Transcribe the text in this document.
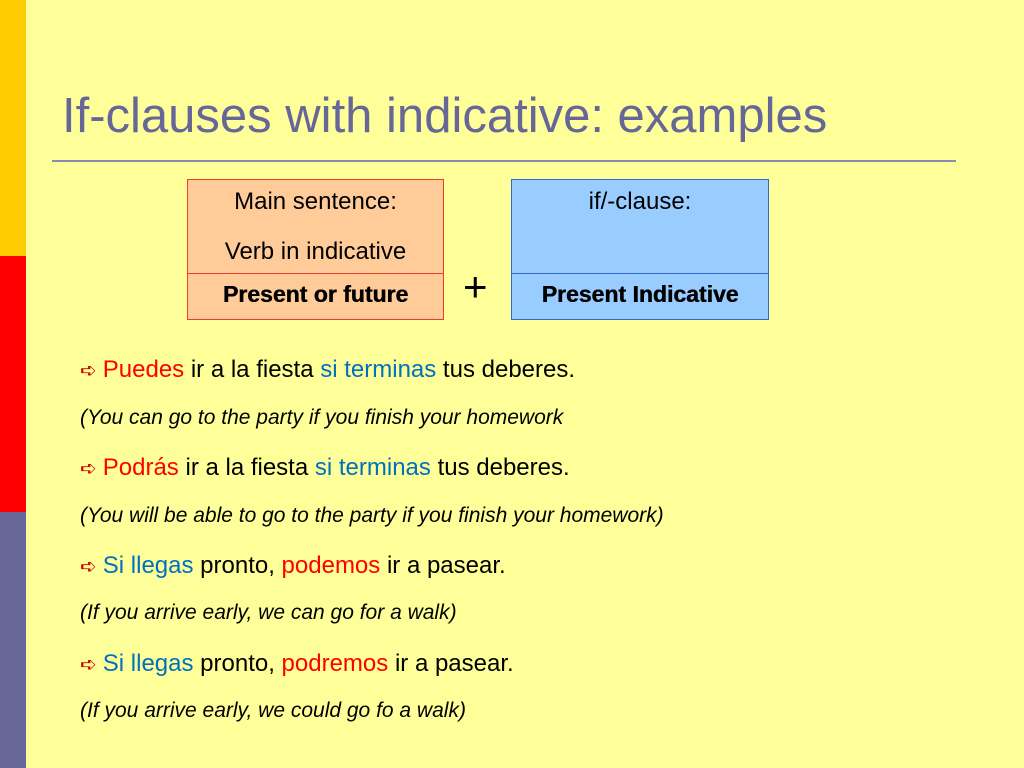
If-clauses with indicative: examples
Main sentence:
Verb in indicative
Present or future	+
if/-clause:
Present Indicative
➪ Puedes ir a la fiesta si terminas tus deberes.
(You can go to the party if you finish your homework
➪ Podrás ir a la fiesta si terminas tus deberes.
(You will be able to go to the party if you finish your homework)
➪ Si llegas pronto, podemos ir a pasear.
(If you arrive early, we can go for a walk)
➪ Si llegas pronto, podremos ir a pasear.
(If you arrive early, we could go fo a walk)
